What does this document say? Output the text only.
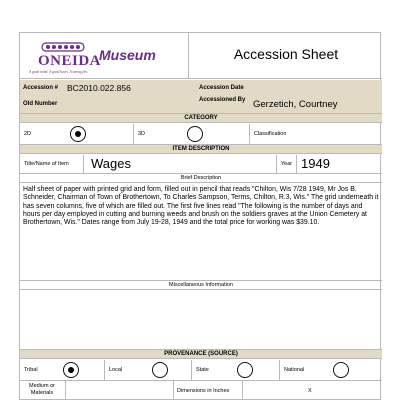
ONEIDA
A good mind. A good heart. A strong fire.
Museum	Accession Sheet
Accession # BC2010.022.856	Accession Date
Old Number
Accessioned By Gerzetich, Courtney
CATEGORY
2D	3D	Classification
ITEM DESCRIPTION
Title/Name of Item Wages	Year 1949
Brief Description
Half sheet of paper with printed grid and form, filled out in pencil that reads "Chilton, Wis 7/28 1949, Mr Jos B. Schneider, Chairman of Town of Brothertown, To Charles Sampson, Terms, Chilton, R.3, Wis." The grid underneath it has seven columns, five of which are filled out. The first five lines read "The following is the number of days and hours per day employed in cutting and burning weeds and brush on the soldiers graves at the Union Cemetery at Brothertown, Wis." Dates range from July 19-28, 1949 and the total price for working was $39.10.
Miscellaneous Information
PROVENANCE (SOURCE)
Tribal	Local	State	National
Medium or Materials	Dimensions in Inches	X
